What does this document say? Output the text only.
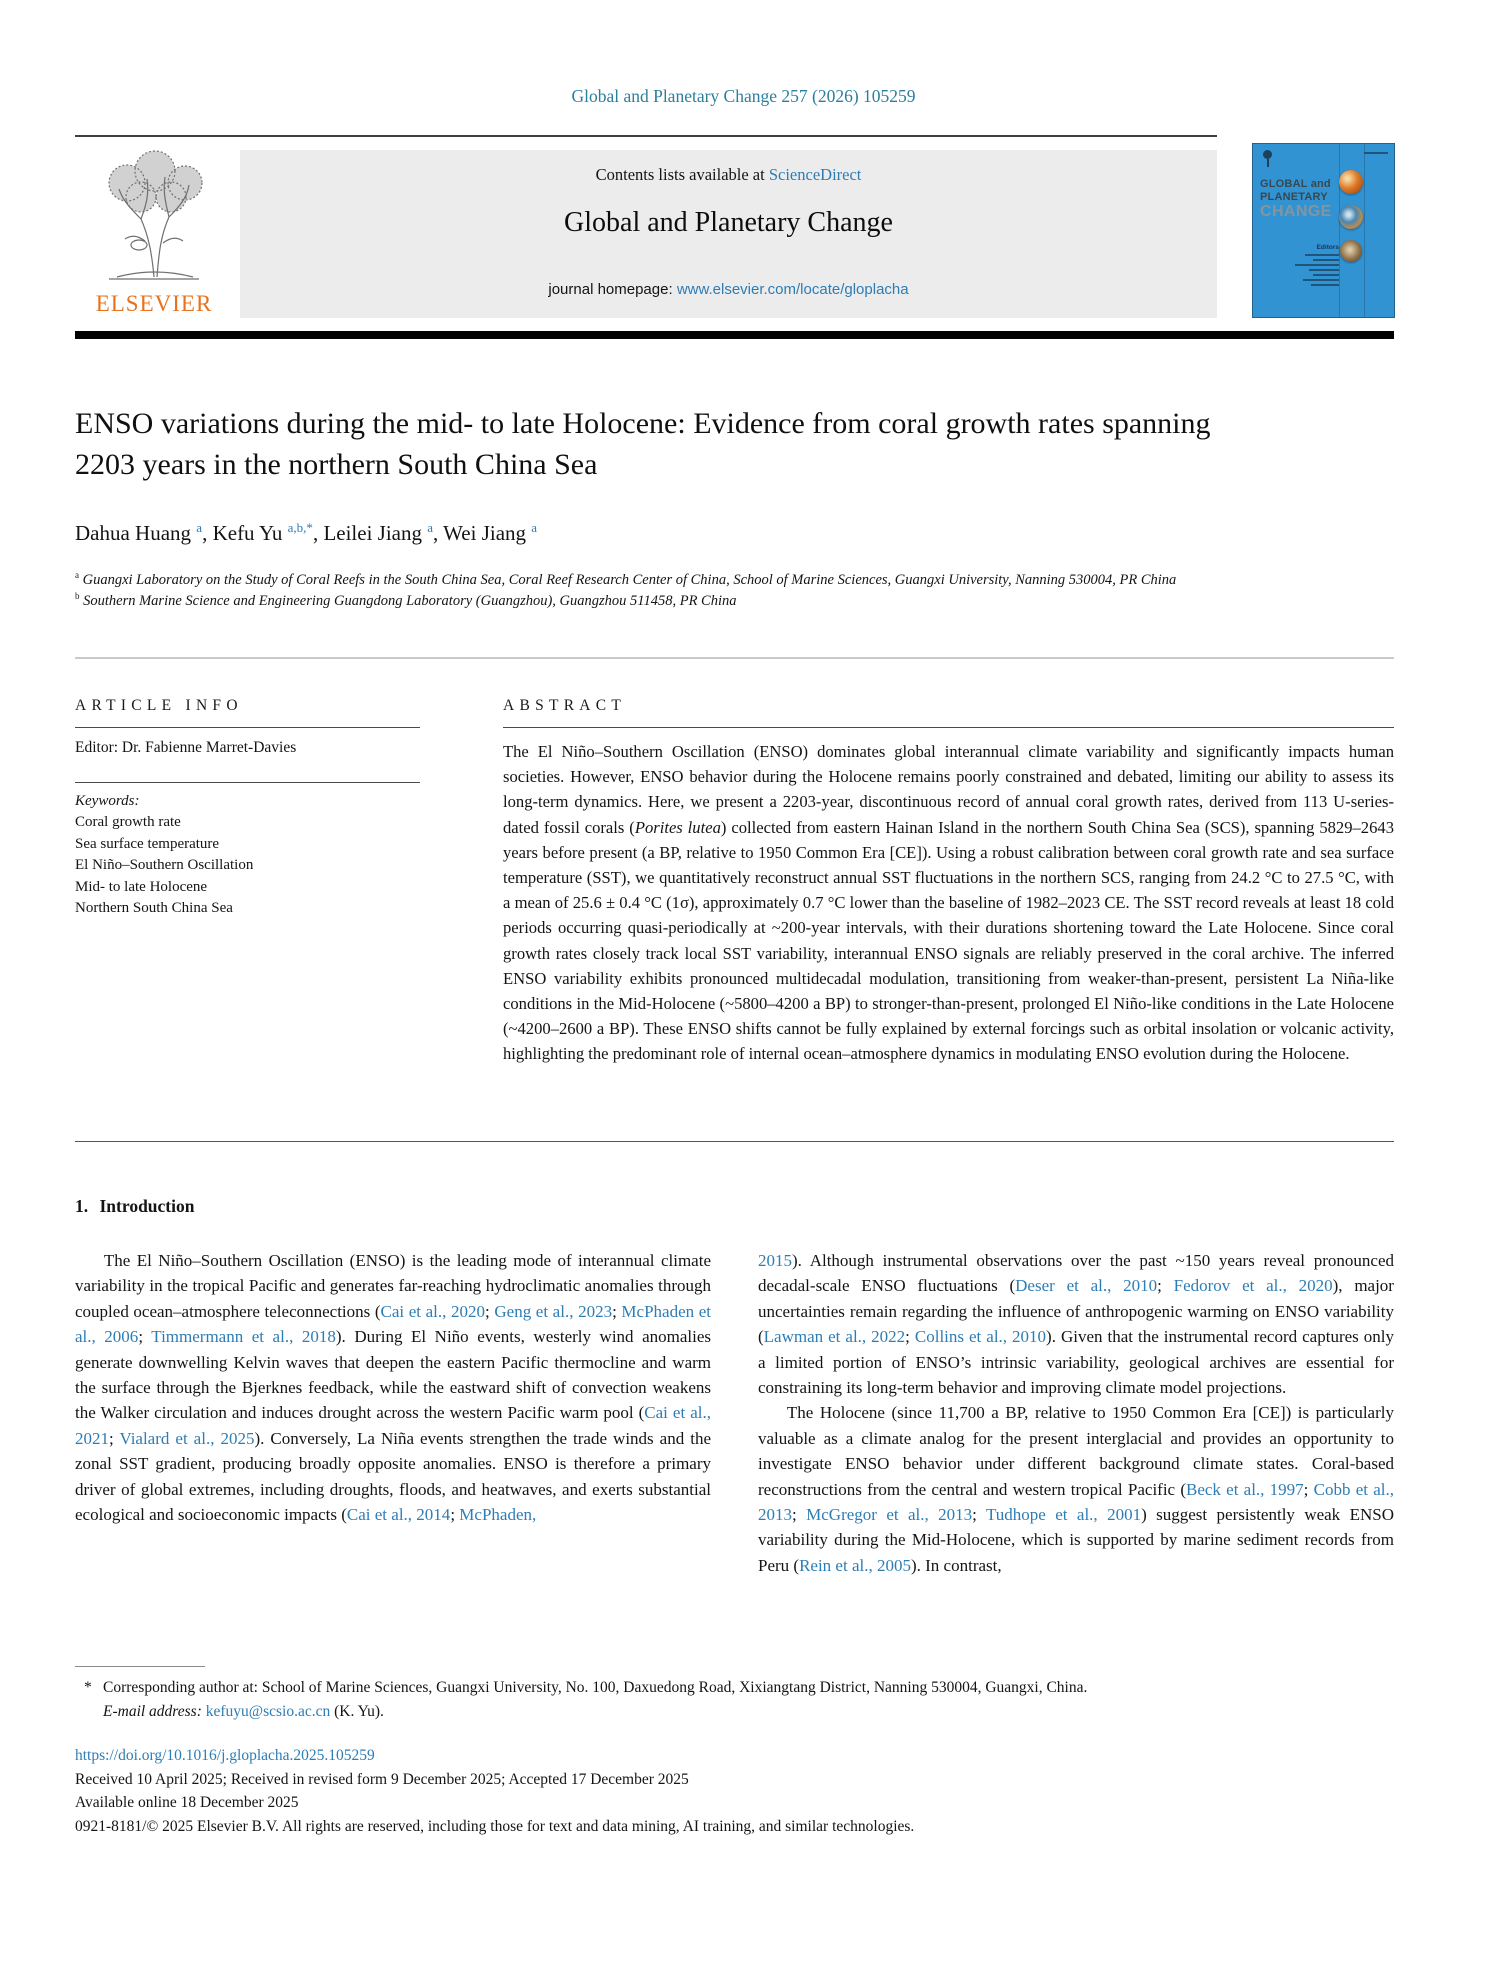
Global and Planetary Change 257 (2026) 105259
ELSEVIER
Contents lists available at ScienceDirect
Global and Planetary Change
journal homepage: www.elsevier.com/locate/gloplacha
GLOBAL and
PLANETARY
CHANGE
Editors
ENSO variations during the mid- to late Holocene: Evidence from coral growth rates spanning 2203 years in the northern South China Sea
Dahua Huang $^a$, Kefu Yu $^{a,b,*}$, Leilei Jiang $^a$, Wei Jiang $^a$
$^a$ Guangxi Laboratory on the Study of Coral Reefs in the South China Sea, Coral Reef Research Center of China, School of Marine Sciences, Guangxi University, Nanning 530004, PR China
$^b$ Southern Marine Science and Engineering Guangdong Laboratory (Guangzhou), Guangzhou 511458, PR China
ARTICLE INFO
Editor: Dr. Fabienne Marret-Davies
Keywords:
Coral growth rate
Sea surface temperature
El Niño–Southern Oscillation
Mid- to late Holocene
Northern South China Sea
ABSTRACT
The El Niño–Southern Oscillation (ENSO) dominates global interannual climate variability and significantly impacts human societies. However, ENSO behavior during the Holocene remains poorly constrained and debated, limiting our ability to assess its long-term dynamics. Here, we present a 2203-year, discontinuous record of annual coral growth rates, derived from 113 U-series-dated fossil corals (Porites lutea) collected from eastern Hainan Island in the northern South China Sea (SCS), spanning 5829–2643 years before present (a BP, relative to 1950 Common Era [CE]). Using a robust calibration between coral growth rate and sea surface temperature (SST), we quantitatively reconstruct annual SST fluctuations in the northern SCS, ranging from 24.2 °C to 27.5 °C, with a mean of 25.6 ± 0.4 °C (1σ), approximately 0.7 °C lower than the baseline of 1982–2023 CE. The SST record reveals at least 18 cold periods occurring quasi-periodically at ~200-year intervals, with their durations shortening toward the Late Holocene. Since coral growth rates closely track local SST variability, interannual ENSO signals are reliably preserved in the coral archive. The inferred ENSO variability exhibits pronounced multidecadal modulation, transitioning from weaker-than-present, persistent La Niña-like conditions in the Mid-Holocene (~5800–4200 a BP) to stronger-than-present, prolonged El Niño-like conditions in the Late Holocene (~4200–2600 a BP). These ENSO shifts cannot be fully explained by external forcings such as orbital insolation or volcanic activity, highlighting the predominant role of internal ocean–atmosphere dynamics in modulating ENSO evolution during the Holocene.
1. Introduction

The El Niño–Southern Oscillation (ENSO) is the leading mode of interannual climate variability in the tropical Pacific and generates far-reaching hydroclimatic anomalies through coupled ocean–atmosphere teleconnections (Cai et al., 2020; Geng et al., 2023; McPhaden et al., 2006; Timmermann et al., 2018). During El Niño events, westerly wind anomalies generate downwelling Kelvin waves that deepen the eastern Pacific thermocline and warm the surface through the Bjerknes feedback, while the eastward shift of convection weakens the Walker circulation and induces drought across the western Pacific warm pool (Cai et al., 2021; Vialard et al., 2025). Conversely, La Niña events strengthen the trade winds and the zonal SST gradient, producing broadly opposite anomalies. ENSO is therefore a primary driver of global extremes, including droughts, floods, and heatwaves, and exerts substantial ecological and socioeconomic impacts (Cai et al., 2014; McPhaden,

2015). Although instrumental observations over the past ~150 years reveal pronounced decadal-scale ENSO fluctuations (Deser et al., 2010; Fedorov et al., 2020), major uncertainties remain regarding the influence of anthropogenic warming on ENSO variability (Lawman et al., 2022; Collins et al., 2010). Given that the instrumental record captures only a limited portion of ENSO’s intrinsic variability, geological archives are essential for constraining its long-term behavior and improving climate model projections.

The Holocene (since 11,700 a BP, relative to 1950 Common Era [CE]) is particularly valuable as a climate analog for the present interglacial and provides an opportunity to investigate ENSO behavior under different background climate states. Coral-based reconstructions from the central and western tropical Pacific (Beck et al., 1997; Cobb et al., 2013; McGregor et al., 2013; Tudhope et al., 2001) suggest persistently weak ENSO variability during the Mid-Holocene, which is supported by marine sediment records from Peru (Rein et al., 2005). In contrast,

* Corresponding author at: School of Marine Sciences, Guangxi University, No. 100, Daxuedong Road, Xixiangtang District, Nanning 530004, Guangxi, China.
E-mail address: kefuyu@scsio.ac.cn (K. Yu).
https://doi.org/10.1016/j.gloplacha.2025.105259
Received 10 April 2025; Received in revised form 9 December 2025; Accepted 17 December 2025
Available online 18 December 2025
0921-8181/© 2025 Elsevier B.V. All rights are reserved, including those for text and data mining, AI training, and similar technologies.
